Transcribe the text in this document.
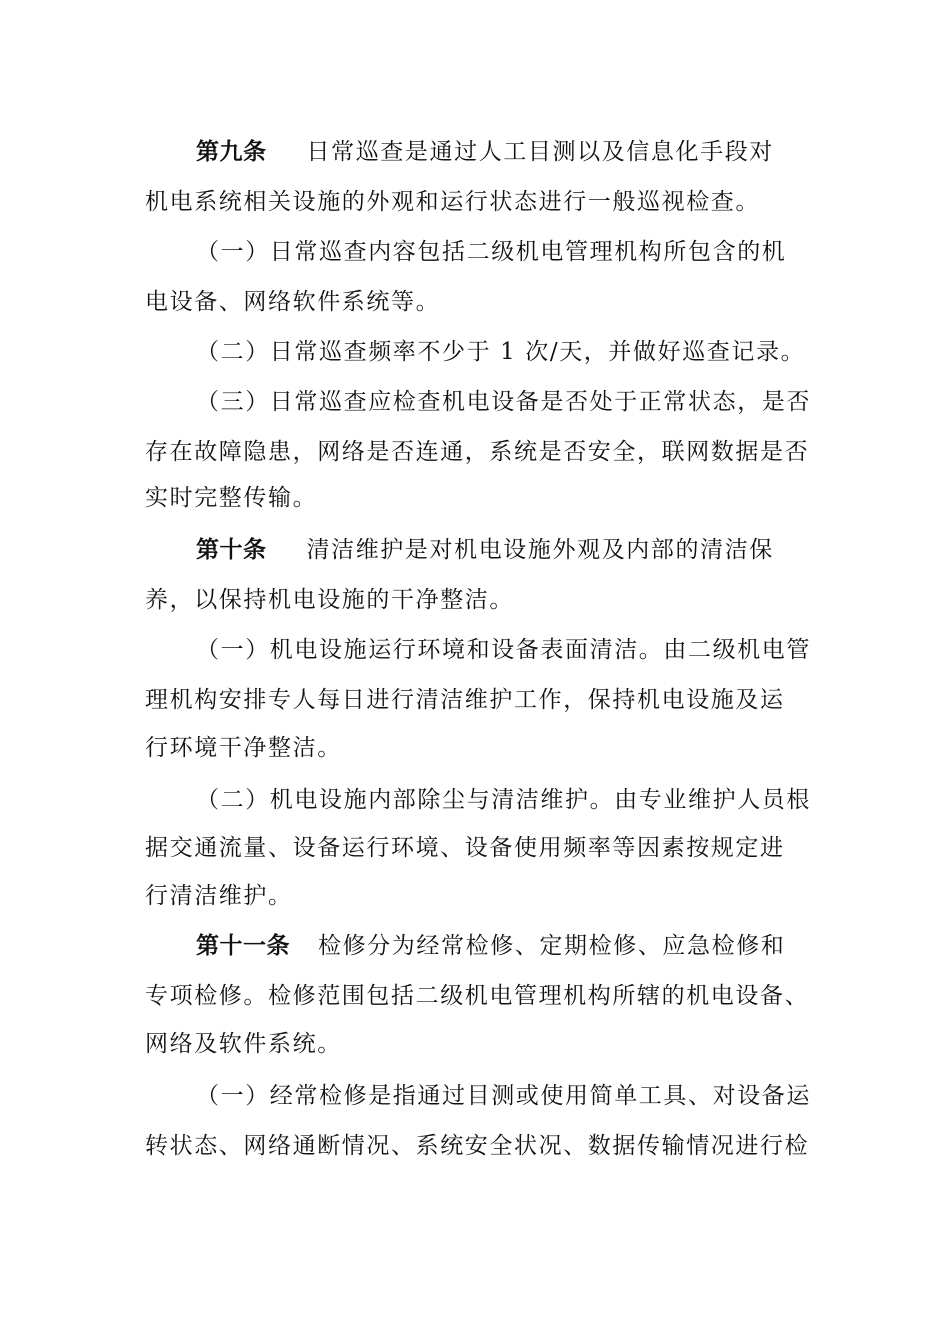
第九条 日常巡查是通过人工目测以及信息化手段对
机电系统相关设施的外观和运行状态进行一般巡视检查。
（一）日常巡查内容包括二级机电管理机构所包含的机
电设备、网络软件系统等。
（二）日常巡查频率不少于 1 次/天，并做好巡查记录。
（三）日常巡查应检查机电设备是否处于正常状态，是否
存在故障隐患，网络是否连通，系统是否安全，联网数据是否
实时完整传输。
第十条 清洁维护是对机电设施外观及内部的清洁保
养，以保持机电设施的干净整洁。
（一）机电设施运行环境和设备表面清洁。由二级机电管
理机构安排专人每日进行清洁维护工作，保持机电设施及运
行环境干净整洁。
（二）机电设施内部除尘与清洁维护。由专业维护人员根
据交通流量、设备运行环境、设备使用频率等因素按规定进
行清洁维护。
第十一条 检修分为经常检修、定期检修、应急检修和
专项检修。检修范围包括二级机电管理机构所辖的机电设备、
网络及软件系统。
（一）经常检修是指通过目测或使用简单工具、对设备运
转状态、网络通断情况、系统安全状况、数据传输情况进行检
